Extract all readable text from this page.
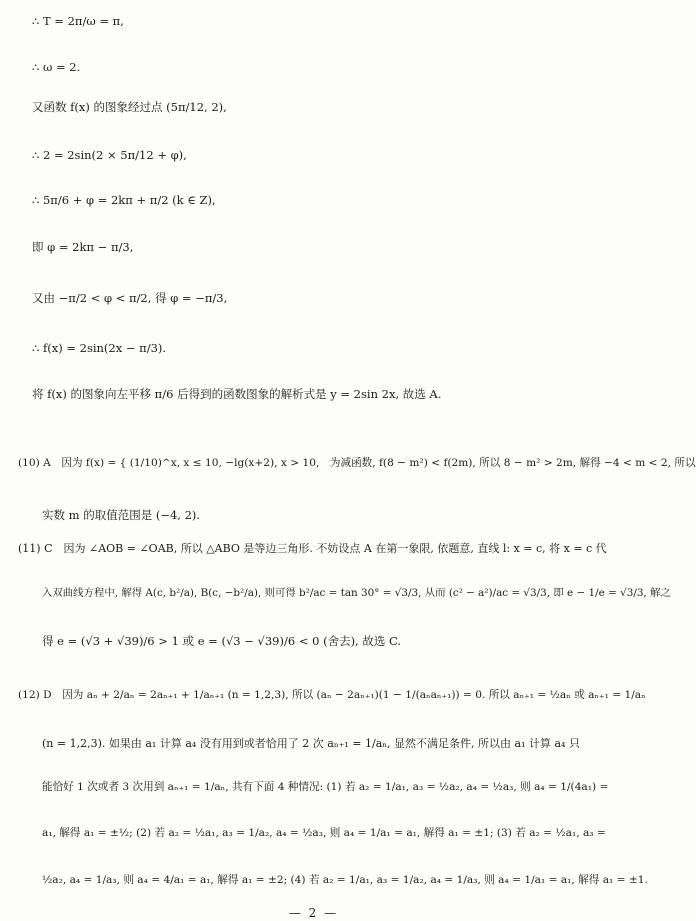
∴ T = 2π/ω = π,
∴ ω = 2.
又函数 f(x) 的图象经过点 (5π/12, 2),
∴ 2 = 2sin(2 × 5π/12 + φ),
∴ 5π/6 + φ = 2kπ + π/2 (k ∈ Z),
即 φ = 2kπ − π/3,
又由 −π/2 < φ < π/2, 得 φ = −π/3,
∴ f(x) = 2sin(2x − π/3).
将 f(x) 的图象向左平移 π/6 后得到的函数图象的解析式是 y = 2sin 2x, 故选 A.
(10) A　因为 f(x) = { (1/10)^x, x ≤ 10, −lg(x+2), x > 10,　为减函数, f(8 − m²) < f(2m), 所以 8 − m² > 2m, 解得 −4 < m < 2, 所以
实数 m 的取值范围是 (−4, 2).
(11) C　因为 ∠AOB = ∠OAB, 所以 △ABO 是等边三角形. 不妨设点 A 在第一象限, 依题意, 直线 l: x = c, 将 x = c 代
入双曲线方程中, 解得 A(c, b²/a), B(c, −b²/a), 则可得 b²/ac = tan 30° = √3/3, 从而 (c² − a²)/ac = √3/3, 即 e − 1/e = √3/3, 解之
得 e = (√3 + √39)/6 > 1 或 e = (√3 − √39)/6 < 0 (舍去), 故选 C.
(12) D　因为 aₙ + 2/aₙ = 2aₙ₊₁ + 1/aₙ₊₁ (n = 1,2,3), 所以 (aₙ − 2aₙ₊₁)(1 − 1/(aₙaₙ₊₁)) = 0. 所以 aₙ₊₁ = ½aₙ 或 aₙ₊₁ = 1/aₙ
(n = 1,2,3). 如果由 a₁ 计算 a₄ 没有用到或者恰用了 2 次 aₙ₊₁ = 1/aₙ, 显然不满足条件, 所以由 a₁ 计算 a₄ 只
能恰好 1 次或者 3 次用到 aₙ₊₁ = 1/aₙ, 共有下面 4 种情况: (1) 若 a₂ = 1/a₁, a₃ = ½a₂, a₄ = ½a₃, 则 a₄ = 1/(4a₁) =
a₁, 解得 a₁ = ±½; (2) 若 a₂ = ½a₁, a₃ = 1/a₂, a₄ = ½a₃, 则 a₄ = 1/a₁ = a₁, 解得 a₁ = ±1; (3) 若 a₂ = ½a₁, a₃ =
½a₂, a₄ = 1/a₃, 则 a₄ = 4/a₁ = a₁, 解得 a₁ = ±2; (4) 若 a₂ = 1/a₁, a₃ = 1/a₂, a₄ = 1/a₃, 则 a₄ = 1/a₁ = a₁, 解得 a₁ = ±1.
— 2 —
